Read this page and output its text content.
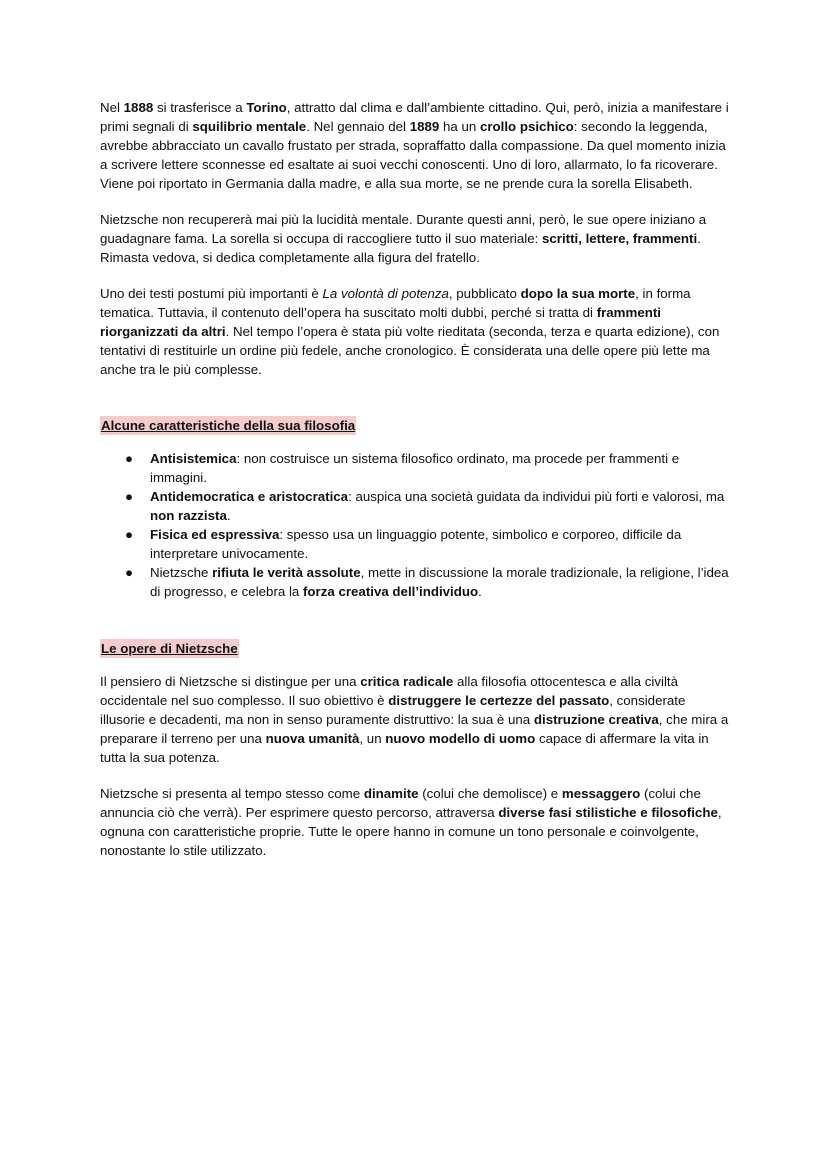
Nel 1888 si trasferisce a Torino, attratto dal clima e dall’ambiente cittadino. Qui, però, inizia a manifestare i primi segnali di squilibrio mentale. Nel gennaio del 1889 ha un crollo psichico: secondo la leggenda, avrebbe abbracciato un cavallo frustato per strada, sopraffatto dalla compassione. Da quel momento inizia a scrivere lettere sconnesse ed esaltate ai suoi vecchi conoscenti. Uno di loro, allarmato, lo fa ricoverare. Viene poi riportato in Germania dalla madre, e alla sua morte, se ne prende cura la sorella Elisabeth.

Nietzsche non recupererà mai più la lucidità mentale. Durante questi anni, però, le sue opere iniziano a guadagnare fama. La sorella si occupa di raccogliere tutto il suo materiale: scritti, lettere, frammenti. Rimasta vedova, si dedica completamente alla figura del fratello.

Uno dei testi postumi più importanti è La volontà di potenza, pubblicato dopo la sua morte, in forma tematica. Tuttavia, il contenuto dell’opera ha suscitato molti dubbi, perché si tratta di frammenti riorganizzati da altri. Nel tempo l’opera è stata più volte rieditata (seconda, terza e quarta edizione), con tentativi di restituirle un ordine più fedele, anche cronologico. È considerata una delle opere più lette ma anche tra le più complesse.

Alcune caratteristiche della sua filosofia
● Antisistemica: non costruisce un sistema filosofico ordinato, ma procede per frammenti e immagini.
● Antidemocratica e aristocratica: auspica una società guidata da individui più forti e valorosi, ma non razzista.
● Fisica ed espressiva: spesso usa un linguaggio potente, simbolico e corporeo, difficile da interpretare univocamente.
● Nietzsche rifiuta le verità assolute, mette in discussione la morale tradizionale, la religione, l’idea di progresso, e celebra la forza creativa dell’individuo.
Le opere di Nietzsche

Il pensiero di Nietzsche si distingue per una critica radicale alla filosofia ottocentesca e alla civiltà occidentale nel suo complesso. Il suo obiettivo è distruggere le certezze del passato, considerate illusorie e decadenti, ma non in senso puramente distruttivo: la sua è una distruzione creativa, che mira a preparare il terreno per una nuova umanità, un nuovo modello di uomo capace di affermare la vita in tutta la sua potenza.

Nietzsche si presenta al tempo stesso come dinamite (colui che demolisce) e messaggero (colui che annuncia ciò che verrà). Per esprimere questo percorso, attraversa diverse fasi stilistiche e filosofiche, ognuna con caratteristiche proprie. Tutte le opere hanno in comune un tono personale e coinvolgente, nonostante lo stile utilizzato.
